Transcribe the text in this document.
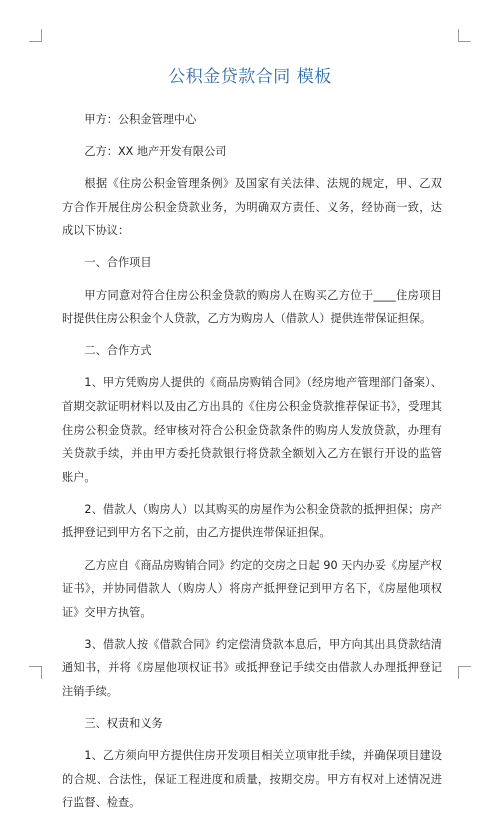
公积金贷款合同 模板

甲方：公积金管理中心

乙方：XX 地产开发有限公司

根据《住房公积金管理条例》及国家有关法律、法规的规定，甲、乙双方合作开展住房公积金贷款业务，为明确双方责任、义务，经协商一致，达成以下协议：

一、合作项目

甲方同意对符合住房公积金贷款的购房人在购买乙方位于____住房项目时提供住房公积金个人贷款，乙方为购房人（借款人）提供连带保证担保。

二、合作方式

1、甲方凭购房人提供的《商品房购销合同》（经房地产管理部门备案）、首期交款证明材料以及由乙方出具的《住房公积金贷款推荐保证书》，受理其住房公积金贷款。经审核对符合公积金贷款条件的购房人发放贷款，办理有关贷款手续，并由甲方委托贷款银行将贷款全额划入乙方在银行开设的监管账户。

2、借款人（购房人）以其购买的房屋作为公积金贷款的抵押担保；房产抵押登记到甲方名下之前，由乙方提供连带保证担保。

乙方应自《商品房购销合同》约定的交房之日起 90 天内办妥《房屋产权证书》，并协同借款人（购房人）将房产抵押登记到甲方名下，《房屋他项权证》交甲方执管。

3、借款人按《借款合同》约定偿清贷款本息后，甲方向其出具贷款结清通知书，并将《房屋他项权证书》或抵押登记手续交由借款人办理抵押登记注销手续。

三、权责和义务

1、乙方须向甲方提供住房开发项目相关立项审批手续，并确保项目建设的合规、合法性，保证工程进度和质量，按期交房。甲方有权对上述情况进行监督、检查。
